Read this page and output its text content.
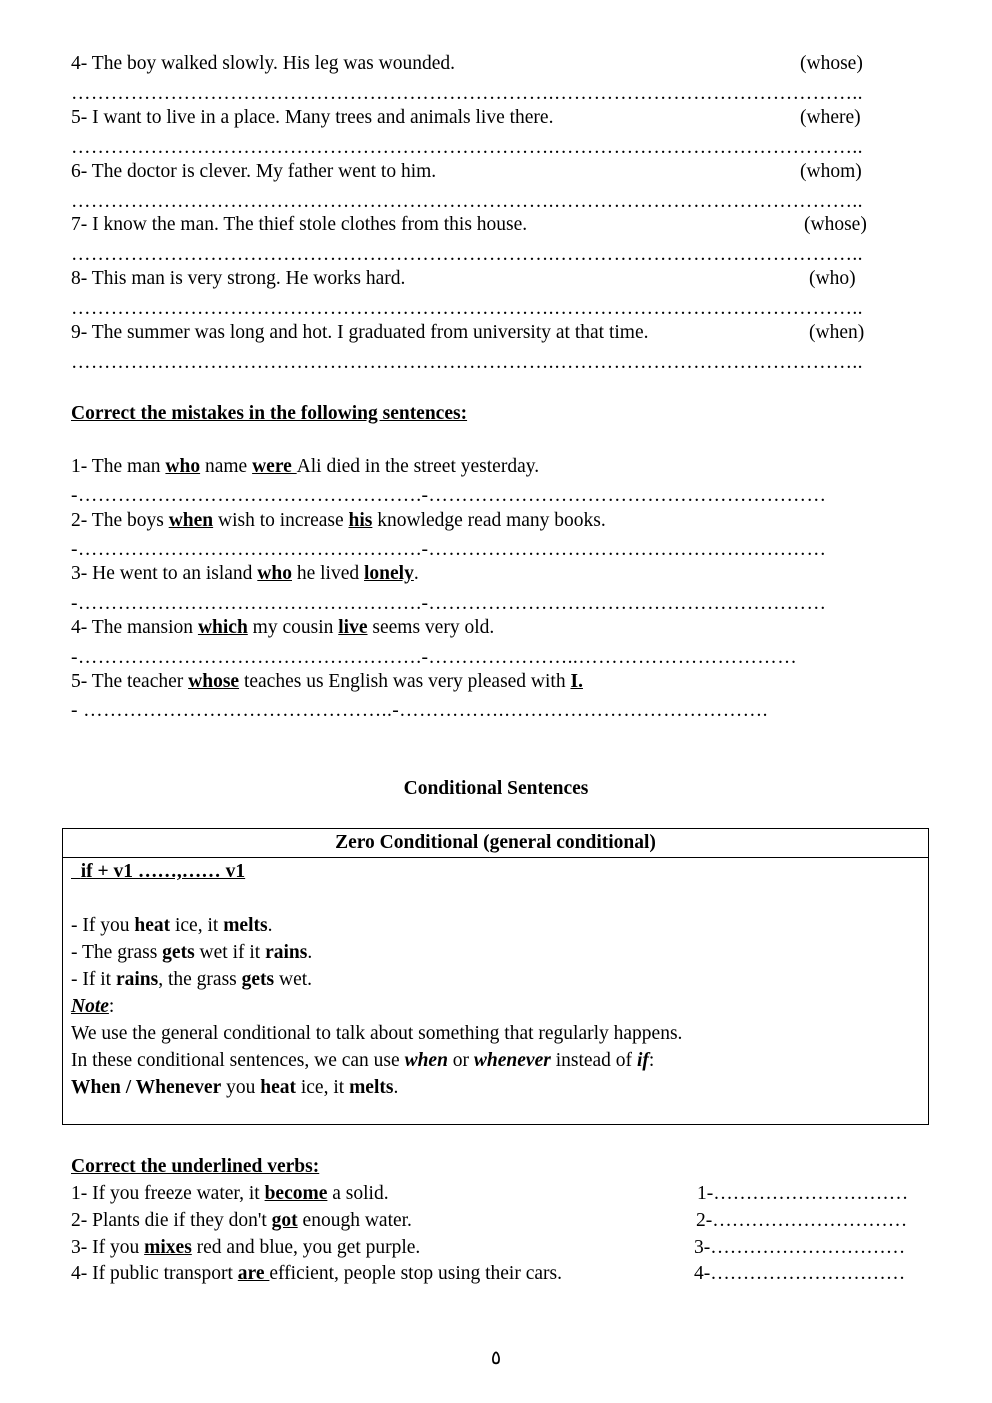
4- The boy walked slowly. His leg was wounded.	(whose)
……………………………………………………………….………………………………………..
5- I want to live in a place. Many trees and animals live there.	(where)
……………………………………………………………….………………………………………..
6- The doctor is clever. My father went to him.	(whom)
……………………………………………………………….………………………………………..
7- I know the man. The thief stole clothes from this house.	(whose)
……………………………………………………………….………………………………………..
8- This man is very strong. He works hard.	(who)
……………………………………………………………….………………………………………..
9- The summer was long and hot. I graduated from university at that time.	(when)
……………………………………………………………….………………………………………..
Correct the mistakes in the following sentences:
1- The man who name were Ali died in the street yesterday.
-…………………………………………….-……………………………………………………
2- The boys when wish to increase his knowledge read many books.
-…………………………………………….-……………………………………………………
3- He went to an island who he lived lonely.
-…………………………………………….-……………………………………………………
4- The mansion which my cousin live seems very old.
-…………………………………………….-…………………..……………………………
5- The teacher whose teaches us English was very pleased with I.
- ………………………………………..-…………….………………………………….
Conditional Sentences
Zero Conditional (general conditional)
if + v1 ……,…… v1

- If you heat ice, it melts.
- The grass gets wet if it rains.
- If it rains, the grass gets wet.
Note:
We use the general conditional to talk about something that regularly happens.
In these conditional sentences, we can use when or whenever instead of if:
When / Whenever you heat ice, it melts.
Correct the underlined verbs:
1- If you freeze water, it become a solid.	1-…………………………
2- Plants die if they don't got enough water.	2-…………………………
3- If you mixes red and blue, you get purple.	3-…………………………
4- If public transport are efficient, people stop using their cars.	4-…………………………
٥
